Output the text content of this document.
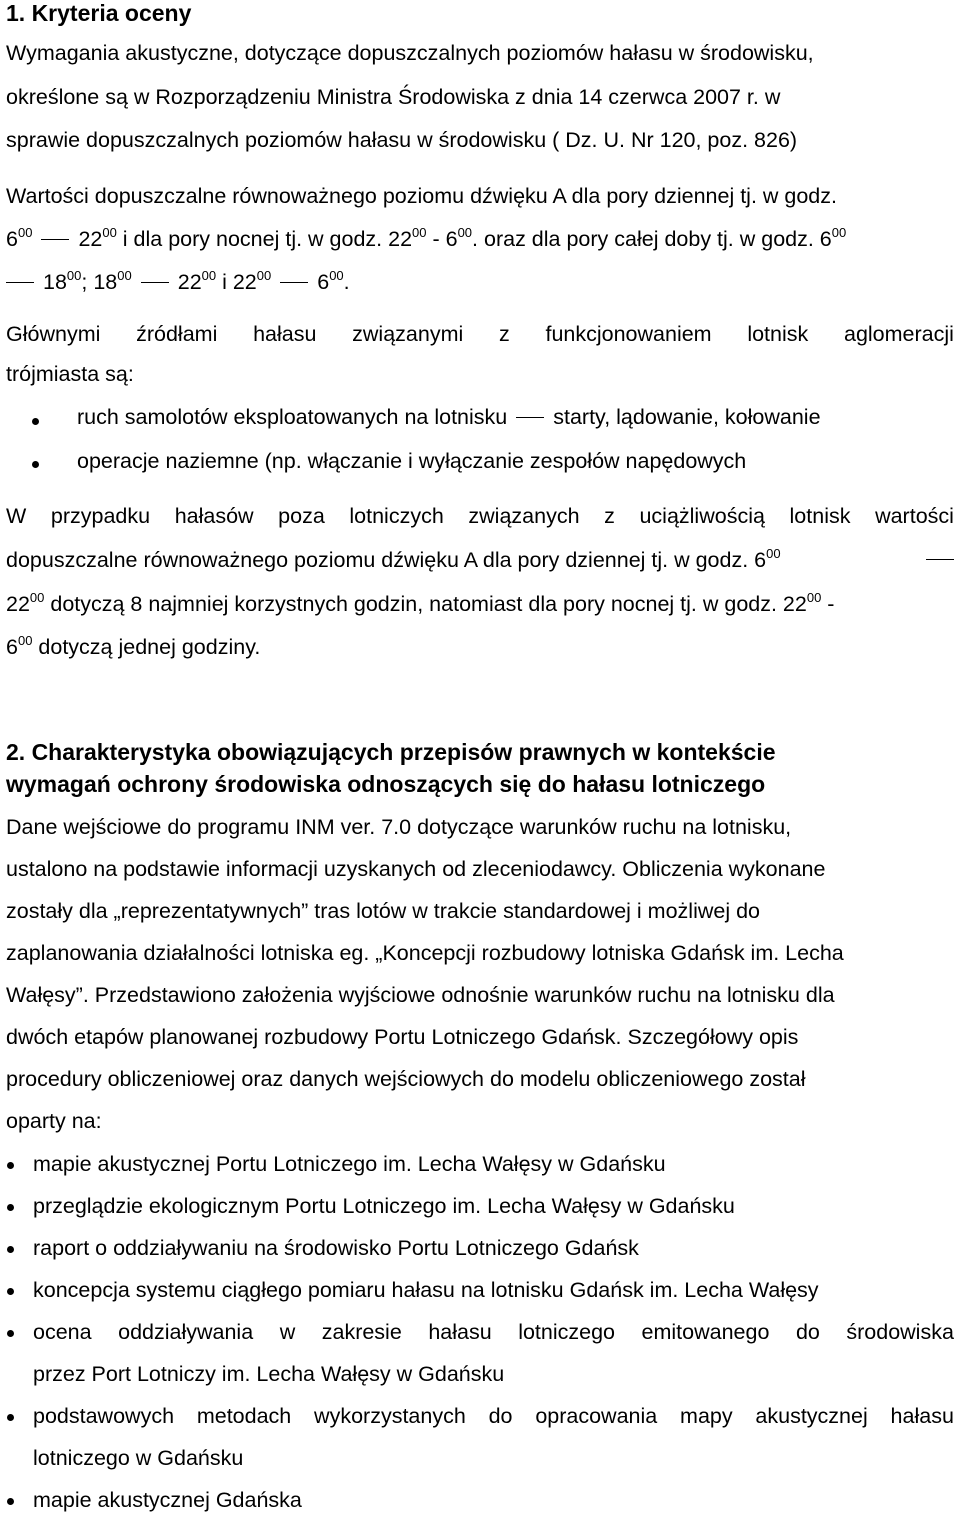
1. Kryteria oceny
Wymagania akustyczne, dotyczące dopuszczalnych poziomów hałasu w środowisku,
określone są w Rozporządzeniu Ministra Środowiska z dnia 14 czerwca 2007 r. w
sprawie dopuszczalnych poziomów hałasu w środowisku ( Dz. U. Nr 120, poz. 826)
Wartości dopuszczalne równoważnego poziomu dźwięku A dla pory dziennej tj. w godz.
$6^{00}$ $22^{00}$ i dla pory nocnej tj. w godz. $22^{00} - 6^{00}$. oraz dla pory całej doby tj. w godz. $6^{00}$
$18^{00}$; $18^{00}$ $22^{00}$ i $22^{00}$ $6^{00}$.
Głównymi źródłami hałasu związanymi z funkcjonowaniem lotnisk aglomeracji
trójmiasta są:
ruch samolotów eksploatowanych na lotnisku starty, lądowanie, kołowanie
operacje naziemne (np. włączanie i wyłączanie zespołów napędowych
W przypadku hałasów poza lotniczych związanych z uciążliwością lotnisk wartości
dopuszczalne równoważnego poziomu dźwięku A dla pory dziennej tj. w godz. $6^{00}$
$22^{00}$ dotyczą 8 najmniej korzystnych godzin, natomiast dla pory nocnej tj. w godz. $22^{00}$ -
$6^{00}$ dotyczą jednej godziny.
2. Charakterystyka obowiązujących przepisów prawnych w kontekście
wymagań ochrony środowiska odnoszących się do hałasu lotniczego
Dane wejściowe do programu INM ver. 7.0 dotyczące warunków ruchu na lotnisku,
ustalono na podstawie informacji uzyskanych od zleceniodawcy. Obliczenia wykonane
zostały dla „reprezentatywnych” tras lotów w trakcie standardowej i możliwej do
zaplanowania działalności lotniska eg. „Koncepcji rozbudowy lotniska Gdańsk im. Lecha
Wałęsy”. Przedstawiono założenia wyjściowe odnośnie warunków ruchu na lotnisku dla
dwóch etapów planowanej rozbudowy Portu Lotniczego Gdańsk. Szczegółowy opis
procedury obliczeniowej oraz danych wejściowych do modelu obliczeniowego został
oparty na:
mapie akustycznej Portu Lotniczego im. Lecha Wałęsy w Gdańsku
przeglądzie ekologicznym Portu Lotniczego im. Lecha Wałęsy w Gdańsku
raport o oddziaływaniu na środowisko Portu Lotniczego Gdańsk
koncepcja systemu ciągłego pomiaru hałasu na lotnisku Gdańsk im. Lecha Wałęsy
ocena oddziaływania w zakresie hałasu lotniczego emitowanego do środowiska
przez Port Lotniczy im. Lecha Wałęsy w Gdańsku
podstawowych metodach wykorzystanych do opracowania mapy akustycznej hałasu
lotniczego w Gdańsku
mapie akustycznej Gdańska
